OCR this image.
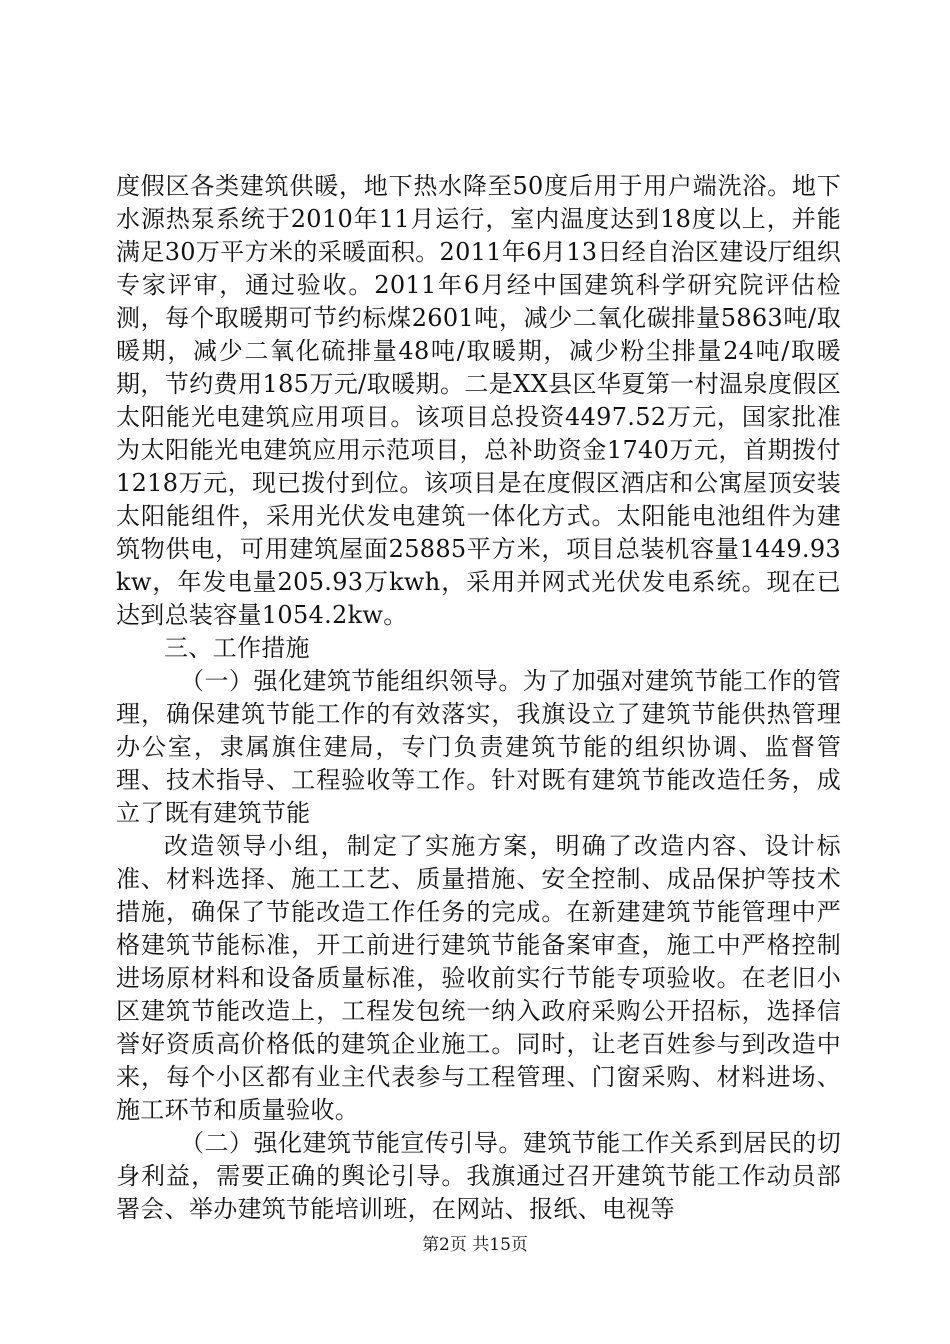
度假区各类建筑供暖，地下热水降至50度后用于用户端洗浴。地下水源热泵系统于2010年11月运行，室内温度达到18度以上，并能满足30万平方米的采暖面积。2011年6月13日经自治区建设厅组织专家评审，通过验收。2011年6月经中国建筑科学研究院评估检测，每个取暖期可节约标煤2601吨，减少二氧化碳排量5863吨/取暖期，减少二氧化硫排量48吨/取暖期，减少粉尘排量24吨/取暖期，节约费用185万元/取暖期。二是XX县区华夏第一村温泉度假区太阳能光电建筑应用项目。该项目总投资4497.52万元，国家批准为太阳能光电建筑应用示范项目，总补助资金1740万元，首期拨付1218万元，现已拨付到位。该项目是在度假区酒店和公寓屋顶安装太阳能组件，采用光伏发电建筑一体化方式。太阳能电池组件为建筑物供电，可用建筑屋面25885平方米，项目总装机容量1449.93kw，年发电量205.93万kwh，采用并网式光伏发电系统。现在已达到总装容量1054.2kw。

三、工作措施

（一）强化建筑节能组织领导。为了加强对建筑节能工作的管理，确保建筑节能工作的有效落实，我旗设立了建筑节能供热管理办公室，隶属旗住建局，专门负责建筑节能的组织协调、监督管理、技术指导、工程验收等工作。针对既有建筑节能改造任务，成立了既有建筑节能

改造领导小组，制定了实施方案，明确了改造内容、设计标准、材料选择、施工工艺、质量措施、安全控制、成品保护等技术措施，确保了节能改造工作任务的完成。在新建建筑节能管理中严格建筑节能标准，开工前进行建筑节能备案审查，施工中严格控制进场原材料和设备质量标准，验收前实行节能专项验收。在老旧小区建筑节能改造上，工程发包统一纳入政府采购公开招标，选择信誉好资质高价格低的建筑企业施工。同时，让老百姓参与到改造中来，每个小区都有业主代表参与工程管理、门窗采购、材料进场、施工环节和质量验收。

（二）强化建筑节能宣传引导。建筑节能工作关系到居民的切身利益，需要正确的舆论引导。我旗通过召开建筑节能工作动员部署会、举办建筑节能培训班，在网站、报纸、电视等

第2页 共15页
